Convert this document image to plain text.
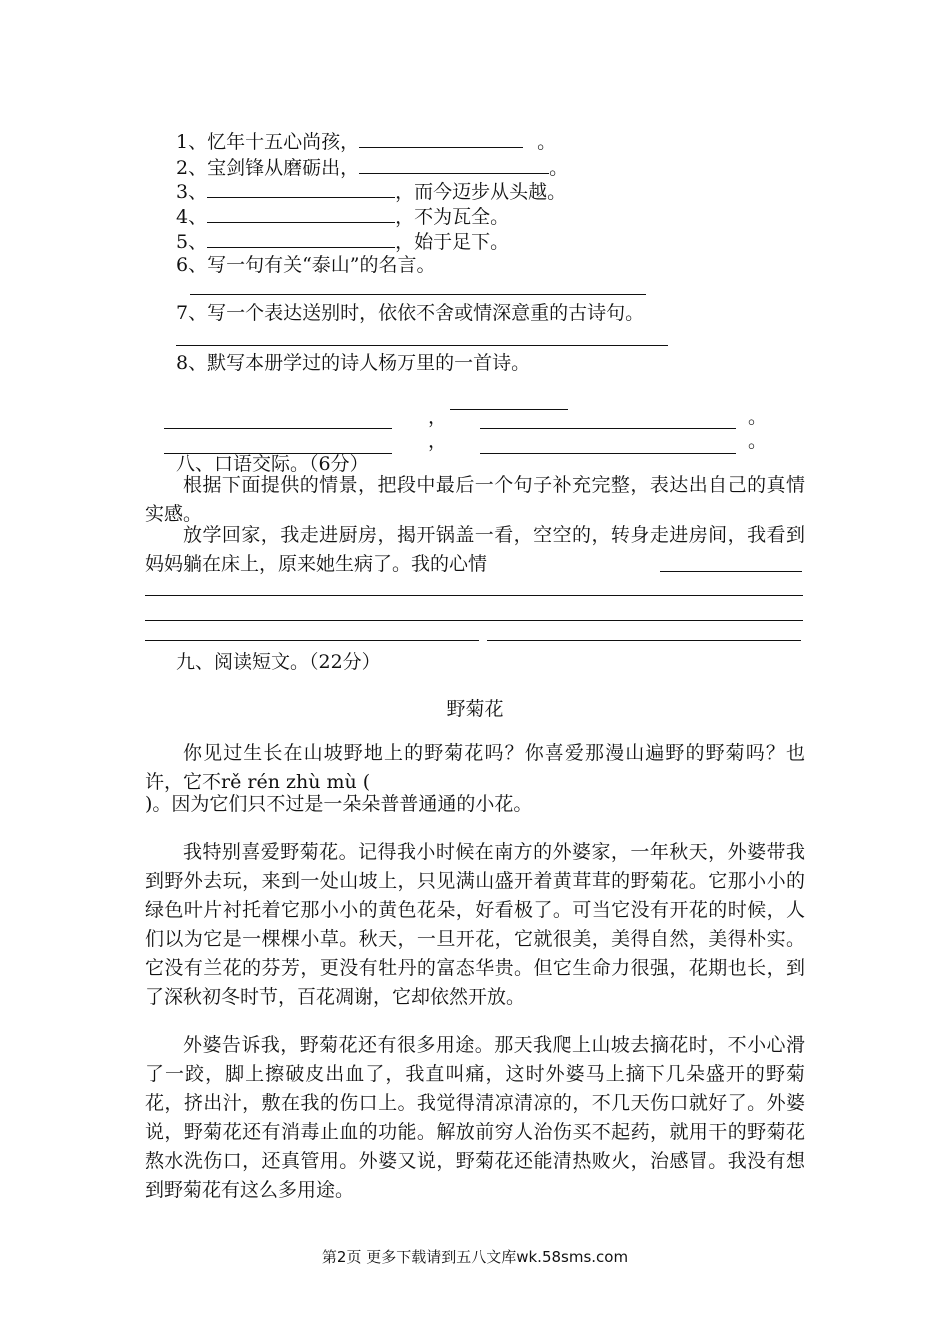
1、忆年十五心尚孩，	。
2、宝剑锋从磨砺出，	。
3、	，而今迈步从头越。
4、	，不为瓦全。
5、	，始于足下。
6、写一句有关“泰山”的名言。
7、写一个表达送别时，依依不舍或情深意重的古诗句。
8、默写本册学过的诗人杨万里的一首诗。
，	。
，	。
八、口语交际。（6分）

根据下面提供的情景，把段中最后一个句子补充完整，表达出自己的真情实感。

放学回家，我走进厨房，揭开锅盖一看，空空的，转身走进房间，我看到妈妈躺在床上，原来她生病了。我的心情

九、阅读短文。（22分）
野菊花

你见过生长在山坡野地上的野菊花吗？你喜爱那漫山遍野的野菊吗？也许，它不rě rén zhù mù (

)。因为它们只不过是一朵朵普普通通的小花。

我特别喜爱野菊花。记得我小时候在南方的外婆家，一年秋天，外婆带我到野外去玩，来到一处山坡上，只见满山盛开着黄茸茸的野菊花。它那小小的绿色叶片衬托着它那小小的黄色花朵，好看极了。可当它没有开花的时候，人们以为它是一棵棵小草。秋天，一旦开花，它就很美，美得自然，美得朴实。它没有兰花的芬芳，更没有牡丹的富态华贵。但它生命力很强，花期也长，到了深秋初冬时节，百花凋谢，它却依然开放。

外婆告诉我，野菊花还有很多用途。那天我爬上山坡去摘花时，不小心滑了一跤，脚上擦破皮出血了，我直叫痛，这时外婆马上摘下几朵盛开的野菊花，挤出汁，敷在我的伤口上。我觉得清凉清凉的，不几天伤口就好了。外婆说，野菊花还有消毒止血的功能。解放前穷人治伤买不起药，就用干的野菊花熬水洗伤口，还真管用。外婆又说，野菊花还能清热败火，治感冒。我没有想到野菊花有这么多用途。

第2页 更多下载请到五八文库wk.58sms.com
